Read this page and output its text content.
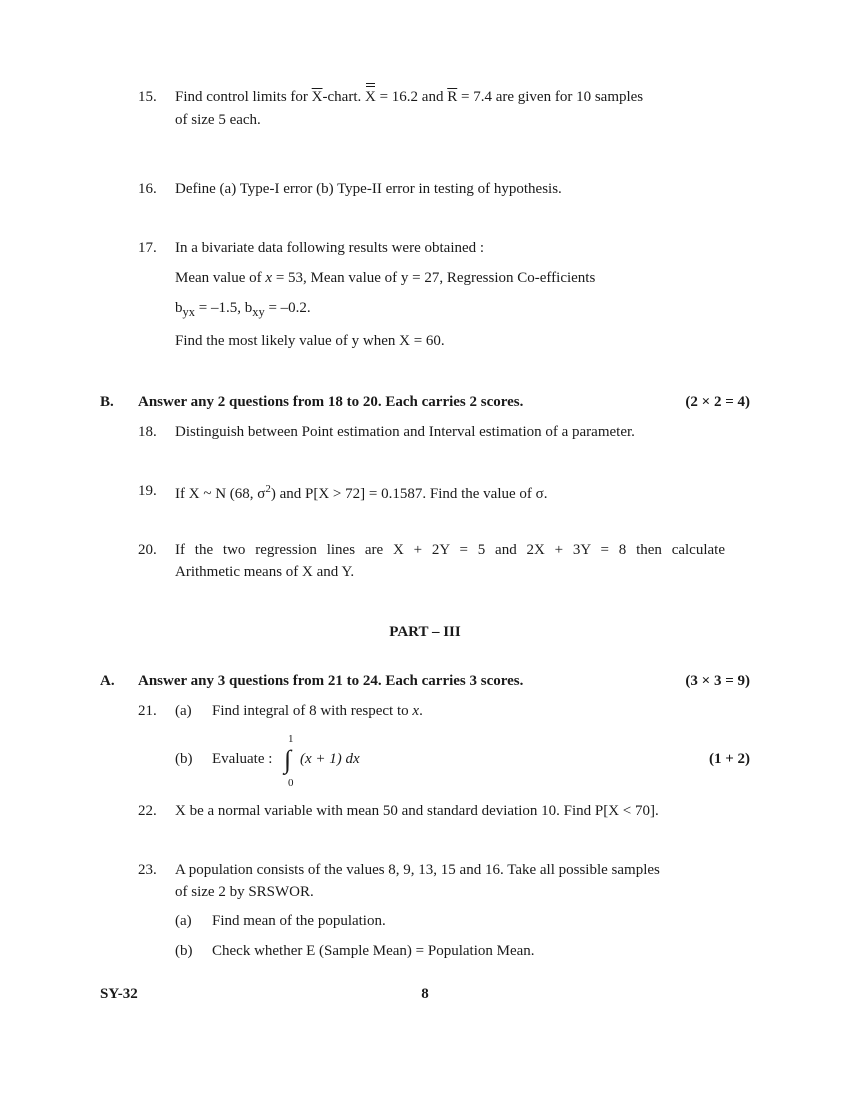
15. Find control limits for $\overline{X}$-chart. X = 16.2 and $\overline{R} = 7.4$ are given for 10 samples
of size 5 each.
16. Define (a) Type-I error (b) Type-II error in testing of hypothesis.
17. In a bivariate data following results were obtained :
Mean value of x = 53, Mean value of y = 27, Regression Co-efficients
$b_{yx} = -1.5$, $b_{xy} = -0.2$.
Find the most likely value of y when X = 60.
B. Answer any 2 questions from 18 to 20. Each carries 2 scores.	(2 × 2 = 4)
18. Distinguish between Point estimation and Interval estimation of a parameter.
19. If X ~ N (68, $\sigma^2$) and P[X > 72] = 0.1587. Find the value of σ.
20. If the two regression lines are X + 2Y = 5 and 2X + 3Y = 8 then calculate
Arithmetic means of X and Y.
PART – III
A. Answer any 3 questions from 21 to 24. Each carries 3 scores.	(3 × 3 = 9)
21. (a) Find integral of 8 with respect to x.
(b) Evaluate :
1
∫
0
(x + 1) dx	(1 + 2)
22. X be a normal variable with mean 50 and standard deviation 10. Find P[X < 70].
23. A population consists of the values 8, 9, 13, 15 and 16. Take all possible samples
of size 2 by SRSWOR.
(a) Find mean of the population.
(b) Check whether E (Sample Mean) = Population Mean.
SY-32	8
